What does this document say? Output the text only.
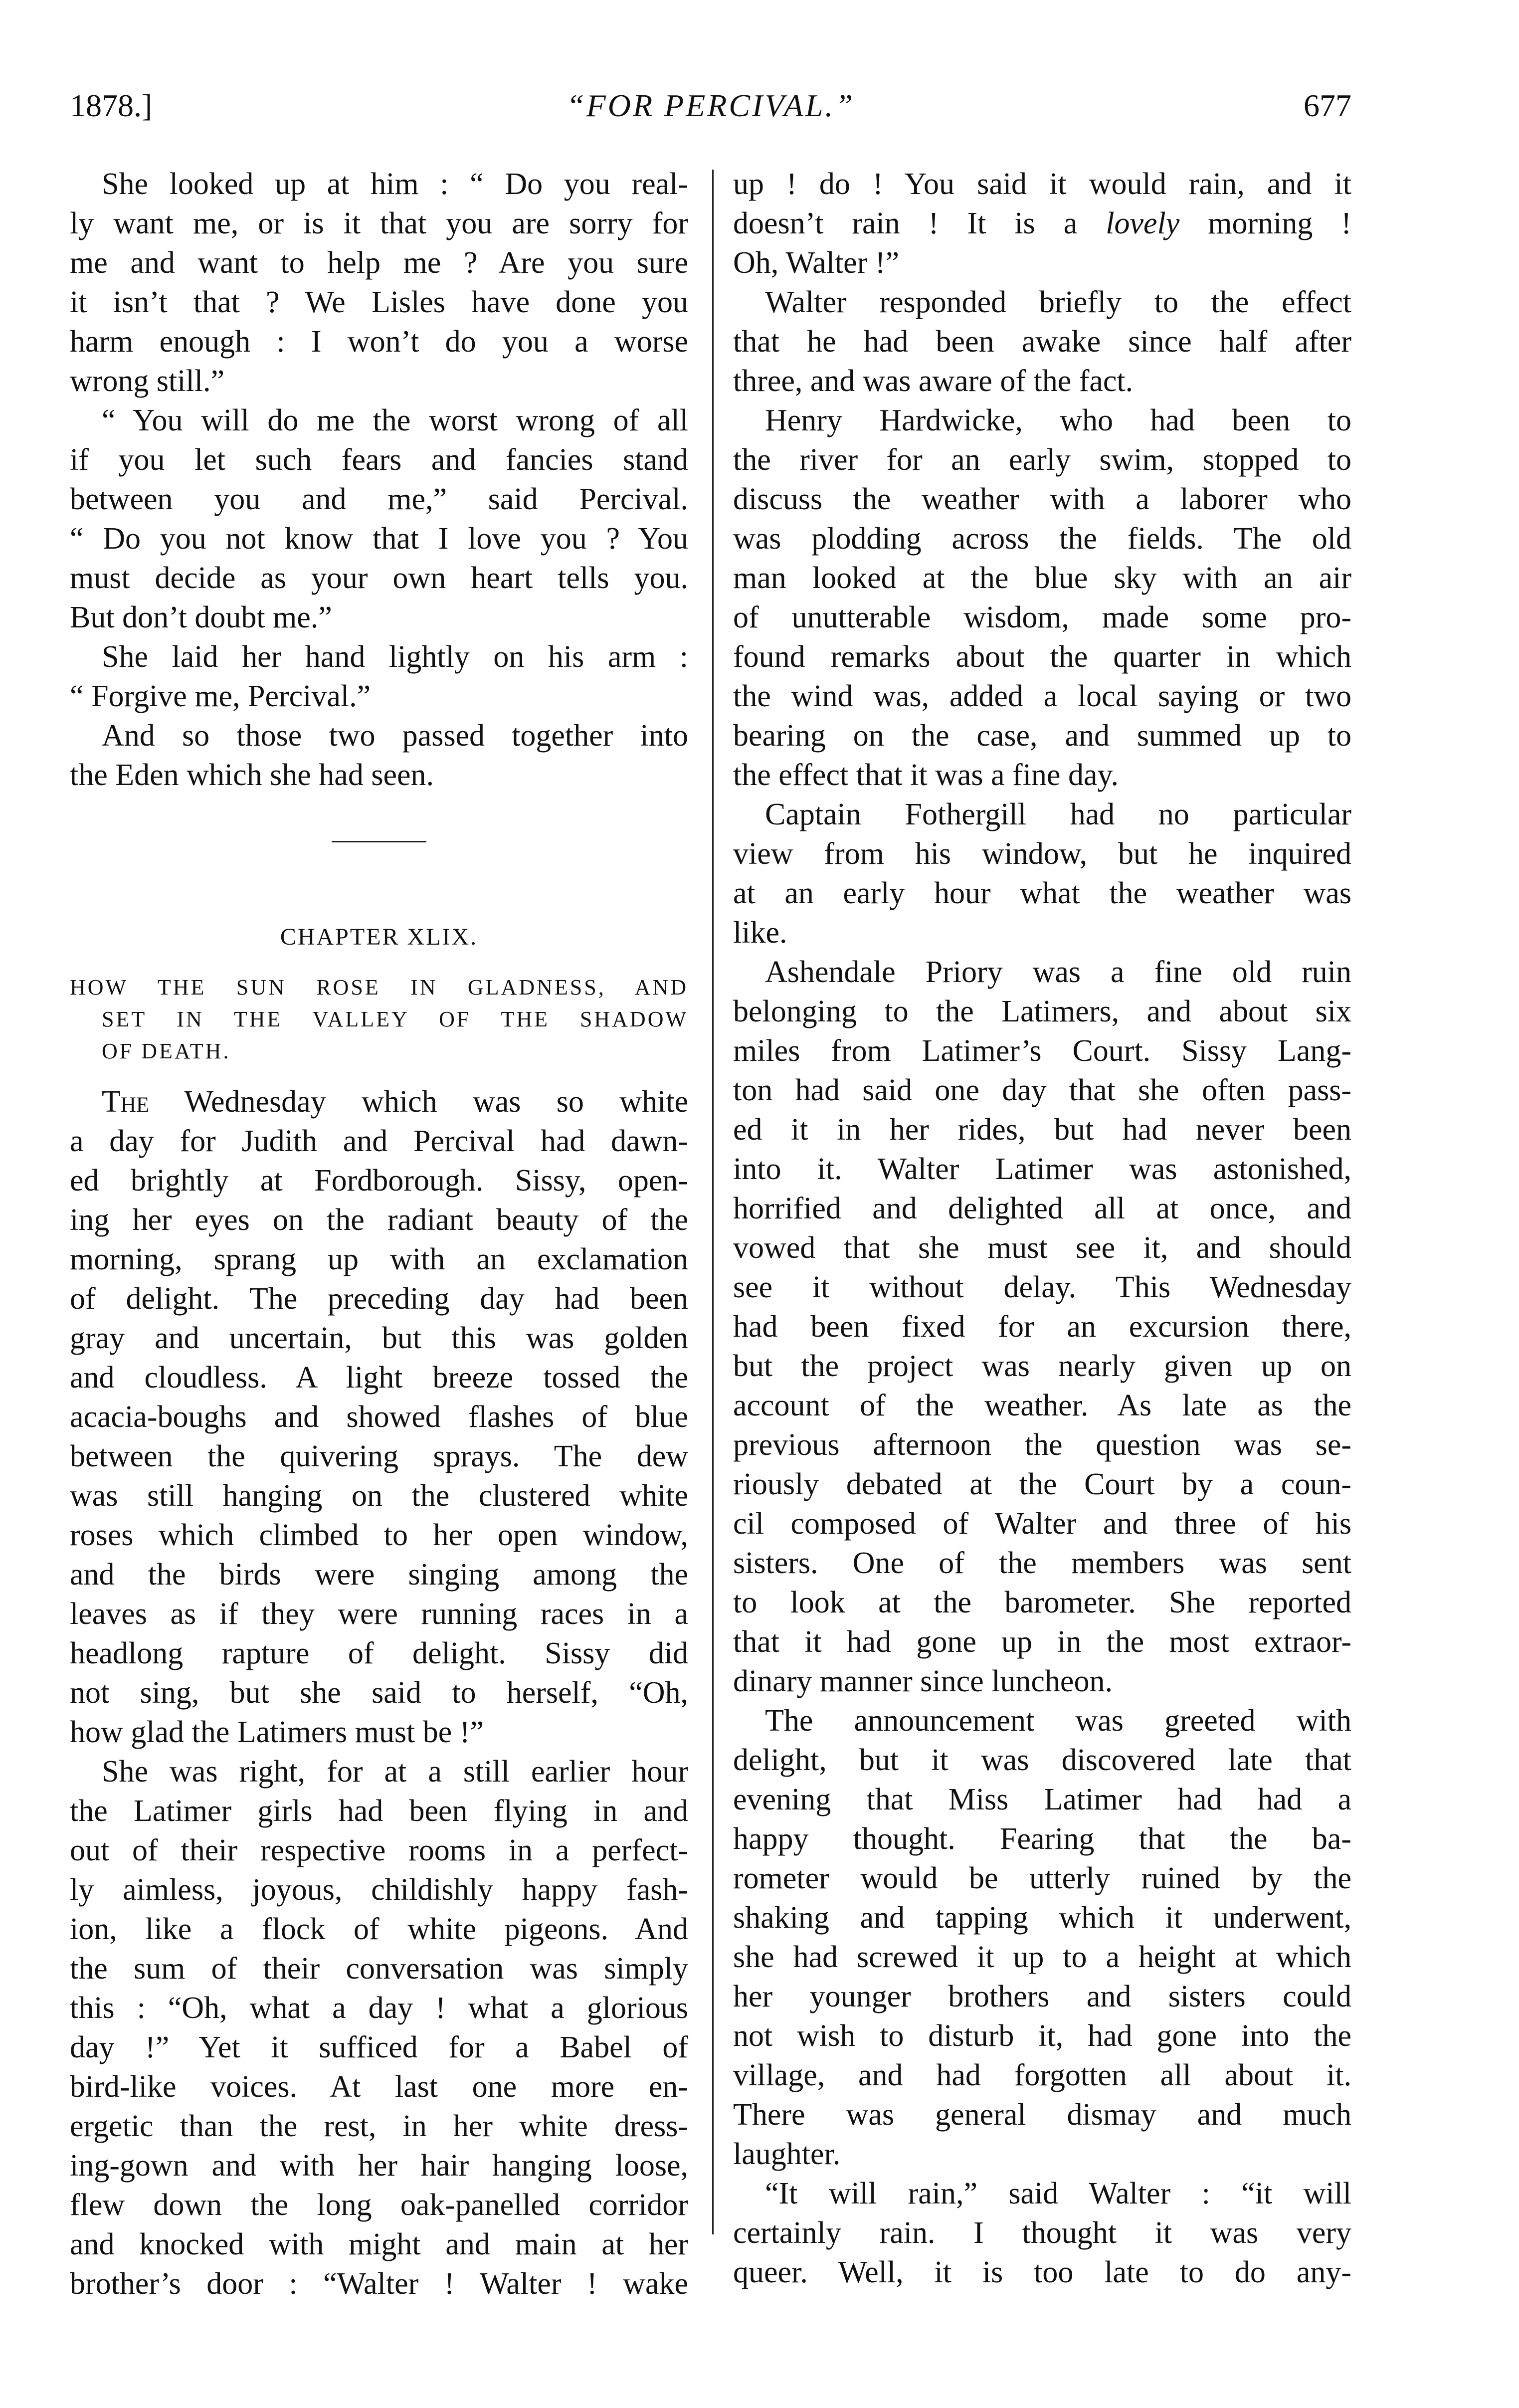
1878.]	“FOR PERCIVAL.”	677
She looked up at him : “ Do you real-
ly want me, or is it that you are sorry for
me and want to help me ? Are you sure
it isn’t that ? We Lisles have done you
harm enough : I won’t do you a worse
wrong still.”
“ You will do me the worst wrong of all
if you let such fears and fancies stand
between you and me,” said Percival.
“ Do you not know that I love you ? You
must decide as your own heart tells you.
But don’t doubt me.”
She laid her hand lightly on his arm :
“ Forgive me, Percival.”
And so those two passed together into
the Eden which she had seen.
CHAPTER XLIX.
HOW THE SUN ROSE IN GLADNESS, AND
SET IN THE VALLEY OF THE SHADOW
OF DEATH.
The Wednesday which was so white
a day for Judith and Percival had dawn-
ed brightly at Fordborough. Sissy, open-
ing her eyes on the radiant beauty of the
morning, sprang up with an exclamation
of delight. The preceding day had been
gray and uncertain, but this was golden
and cloudless. A light breeze tossed the
acacia-boughs and showed flashes of blue
between the quivering sprays. The dew
was still hanging on the clustered white
roses which climbed to her open window,
and the birds were singing among the
leaves as if they were running races in a
headlong rapture of delight. Sissy did
not sing, but she said to herself, “Oh,
how glad the Latimers must be !”
She was right, for at a still earlier hour
the Latimer girls had been flying in and
out of their respective rooms in a perfect-
ly aimless, joyous, childishly happy fash-
ion, like a flock of white pigeons. And
the sum of their conversation was simply
this : “Oh, what a day ! what a glorious
day !” Yet it sufficed for a Babel of
bird-like voices. At last one more en-
ergetic than the rest, in her white dress-
ing-gown and with her hair hanging loose,
flew down the long oak-panelled corridor
and knocked with might and main at her
brother’s door : “Walter ! Walter ! wake
up ! do ! You said it would rain, and it
doesn’t rain ! It is a lovely morning !
Oh, Walter !”
Walter responded briefly to the effect
that he had been awake since half after
three, and was aware of the fact.
Henry Hardwicke, who had been to
the river for an early swim, stopped to
discuss the weather with a laborer who
was plodding across the fields. The old
man looked at the blue sky with an air
of unutterable wisdom, made some pro-
found remarks about the quarter in which
the wind was, added a local saying or two
bearing on the case, and summed up to
the effect that it was a fine day.
Captain Fothergill had no particular
view from his window, but he inquired
at an early hour what the weather was
like.
Ashendale Priory was a fine old ruin
belonging to the Latimers, and about six
miles from Latimer’s Court. Sissy Lang-
ton had said one day that she often pass-
ed it in her rides, but had never been
into it. Walter Latimer was astonished,
horrified and delighted all at once, and
vowed that she must see it, and should
see it without delay. This Wednesday
had been fixed for an excursion there,
but the project was nearly given up on
account of the weather. As late as the
previous afternoon the question was se-
riously debated at the Court by a coun-
cil composed of Walter and three of his
sisters. One of the members was sent
to look at the barometer. She reported
that it had gone up in the most extraor-
dinary manner since luncheon.
The announcement was greeted with
delight, but it was discovered late that
evening that Miss Latimer had had a
happy thought. Fearing that the ba-
rometer would be utterly ruined by the
shaking and tapping which it underwent,
she had screwed it up to a height at which
her younger brothers and sisters could
not wish to disturb it, had gone into the
village, and had forgotten all about it.
There was general dismay and much
laughter.
“It will rain,” said Walter : “it will
certainly rain. I thought it was very
queer. Well, it is too late to do any-
